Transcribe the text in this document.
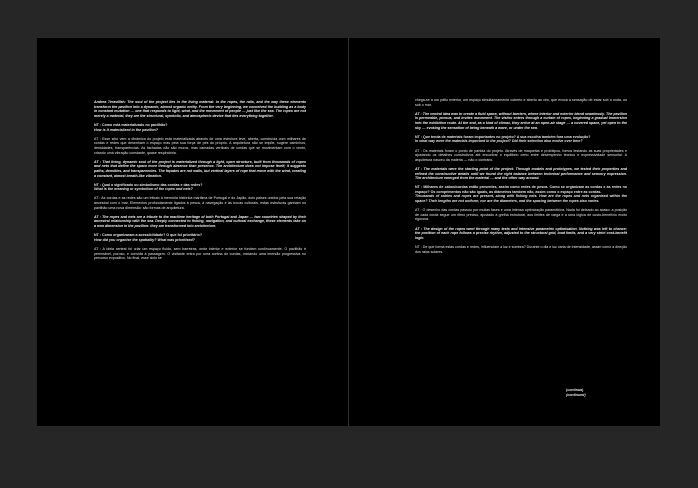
Andrea Teravillah: The soul of the project lies in the living material: in the ropes, the rails, and the way these elements transform the pavilion into a dynamic, almost organic entity. From the very beginning, we conceived the building as a body in constant mutation — one that responds to light, wind, and the movement of people — just like the sea. The ropes are not merely a material, they are the structural, symbolic, and atmospheric device that ties everything together.

NT : Como está materializado no pavilhão?
How is it materialized in the pavilion?

AT : Esse sítio vem a dinâmica do projeto está materializada através de uma estrutura leve, aberta, construída com milhares de cordas e redes que desenham o espaço mas pela sua força de pés do próprio. A arquitetura não se impõe, sugere caminhos, densidades, transparências. As fachadas não são muros, mas camadas verticais de cordas que se movimentam com o vento, criando uma vibração constante, quase respiratória.

AT : That living, dynamic soul of the project is materialized through a light, open structure, built from thousands of ropes and nets that define the space more through absence than presence. The architecture does not impose itself; it suggests paths, densities, and transparencies. The façades are not walls, but vertical layers of rope that move with the wind, creating a constant, almost breath-like vibration.

NT : Qual o significado ou simbolismo das cordas e das redes?
What is the meaning or symbolism of the ropes and nets?

AT : As cordas e as redes são um tributo à memória histórica marítima de Portugal e do Japão, dois países unidos pela sua relação ancestral com o mar. Elementos profundamente ligados à pesca, à navegação e às trocas culturais, estas estruturas ganham no pavilhão uma nova dimensão: são formas de arquitetura.

AT : The ropes and nets are a tribute to the maritime heritage of both Portugal and Japan — two countries shaped by their ancestral relationship with the sea. Deeply connected to fishing, navigation, and cultural exchange, these elements take on a new dimension in the pavilion: they are transformed into architecture.

NT : Como organizaram a acessibilidade? O que foi prioritário?
How did you organise the spatiality? What was prioritised?

AT : A ideia central foi criar um espaço fluido, sem barreiras, onde interior e exterior se fundem continuamente. O pavilhão é permeável, poroso, e convida à passagem. O visitante entra por uma cortina de cordas, iniciando uma imersão progressiva no percurso expositivo. No final, esse ciclo se

chega-se a um pátio exterior, um espaço simultaneamente coberto e aberto ao céu, que evoca a sensação de estar sob a onda, ou sob o mar.

AT : The central idea was to create a fluid space, without barriers, where interior and exterior blend seamlessly. The pavilion is permeable, porous, and invites movement. The visitor enters through a curtain of ropes, beginning a gradual immersion into the exhibition route. At the end, as a kind of climax, they arrive at an open-air stage — a covered space, yet open to the sky — evoking the sensation of being beneath a wave, or under the sea.

NT : Que tenda de materiais foram importantes no projeto? A sua escolha também fora uma evolução?
In what way were the materials important in the project? Did their selection also evolve over time?

AT : Os materiais foram o ponto de partida do projeto. Através de maquetas e protótipos, fomos testando as suas propriedades e ajustando os detalhes construtivos até encontrar o equilíbrio certo entre desempenho técnico e expressividade sensorial. A arquitetura nasceu da matéria — não o contrário.

AT : The materials were the starting point of the project. Through models and prototypes, we tested their properties and refined the constructive details until we found the right balance between technical performance and sensory expression. The architecture emerged from the material — and the other way around.

NT : Milhares de cabos/cordas estão presentes, assim como redes de pesca. Como se organizam as cordas e as redes no espaço? Os comprimentos não são iguais, as diâmetros também não, assim como o espaço entre as cordas.
Thousands of cables and ropes are present, along with fishing nets. How are the ropes and nets organised within the space? Their lengths are not uniform, nor are the diameters, and the spacing between the ropes also varies.

AT : O desenho das cordas passou por muitas fases e uma intensa optimização paramétrica. Nada foi deixado ao acaso: a posição de cada corda segue um ritmo preciso, ajustado à grelha estrutural, aos limites de carga e a uma lógica de custo-benefício muito rigorosa.

AT : The design of the ropes went through many tests and intensive parametric optimisation. Nothing was left to chance: the position of each rope follows a precise rhythm, adjusted to the structural grid, load limits, and a very strict cost-benefit logic.

NT : De que forma estas cordas e redes, influenciam a luz e sombra? Durante o dia e luz varia de intensidade, assim como a direção dos raios solares.

(continua)
(continued)
